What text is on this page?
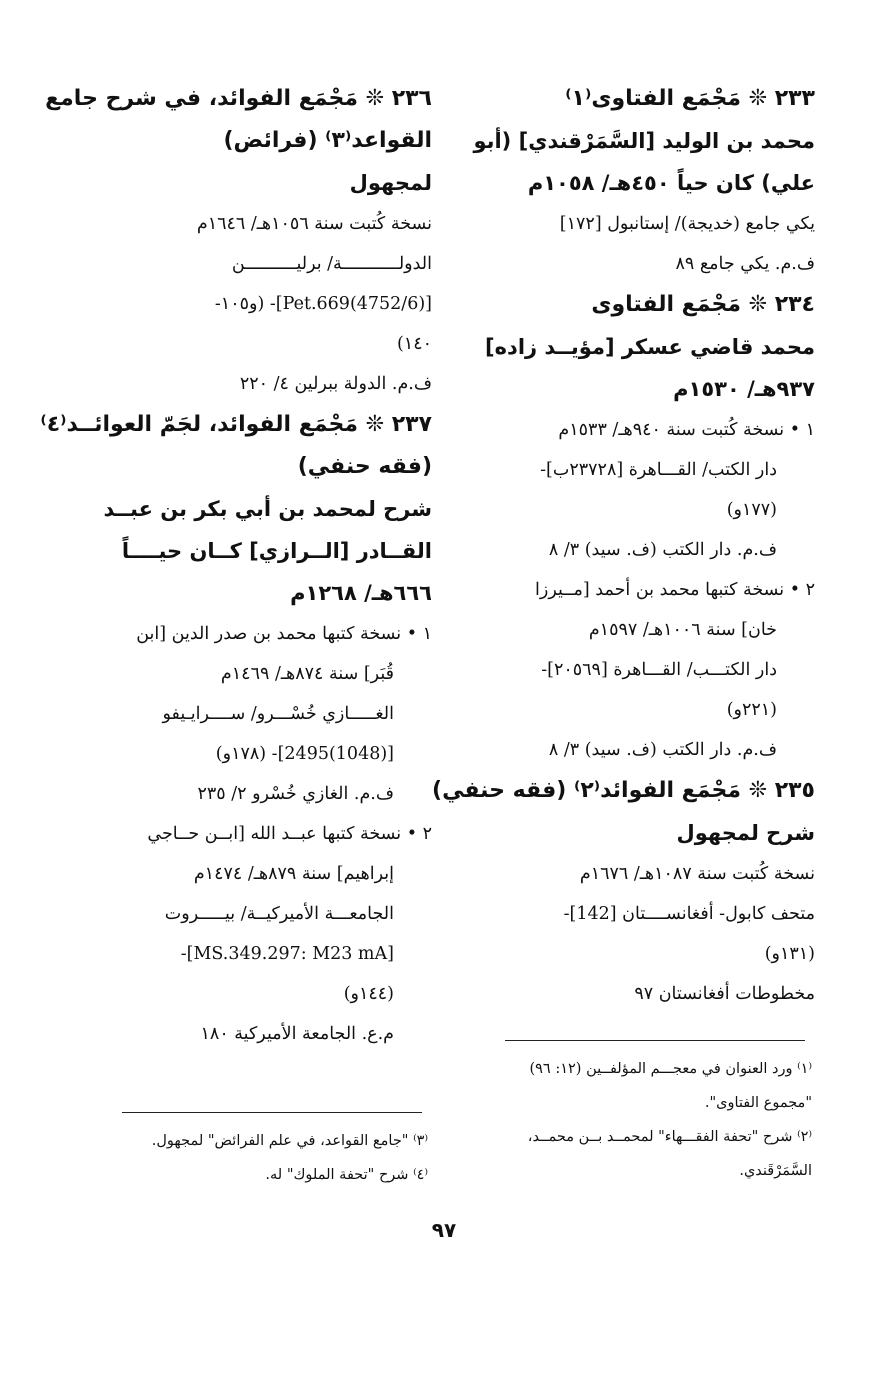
٢٣٣ ❊ مَجْمَع الفتاوى⁽١⁾
محمد بن الوليد [السَّمَرْقندي] (أبو
علي) كان حياً ٤٥٠هـ/ ١٠٥٨م
يكي جامع (خديجة)/ إستانبول [١٧٢]
ف.م. يكي جامع ٨٩
٢٣٤ ❊ مَجْمَع الفتاوى
محمد قاضي عسكر [مؤيــد زاده]
٩٣٧هـ/ ١٥٣٠م
١ • نسخة كُتبت سنة ٩٤٠هـ/ ١٥٣٣م
دار الكتب/ القـــاهرة [٢٣٧٢٨ب]-
(١٧٧و)
ف.م. دار الكتب (ف. سيد) ٣/ ٨
٢ • نسخة كتبها محمد بن أحمد [مــيرزا
خان] سنة ١٠٠٦هـ/ ١٥٩٧م
دار الكتـــب/ القـــاهرة [٢٠٥٦٩]-
(٢٢١و)
ف.م. دار الكتب (ف. سيد) ٣/ ٨
٢٣٥ ❊ مَجْمَع الفوائد⁽٢⁾ (فقه حنفي)
شرح لمجهول
نسخة كُتبت سنة ١٠٨٧هـ/ ١٦٧٦م
متحف كابول- أفغانســــتان [142]-
(١٣١و)
مخطوطات أفغانستان ٩٧
٢٣٦ ❊ مَجْمَع الفوائد، في شرح جامع
القواعد⁽٣⁾ (فرائض)
لمجهول
نسخة كُتبت سنة ١٠٥٦هـ/ ١٦٤٦م
الدولـــــــــــة/ برليــــــــــن
[(4752/6)Pet.669]- (و١٠٥-
١٤٠)
ف.م. الدولة ببرلين ٤/ ٢٢٠
٢٣٧ ❊ مَجْمَع الفوائد، لجَمّ العوائــد⁽٤⁾
(فقه حنفي)
شرح لمحمد بن أبي بكر بن عبــد
القــادر [الــرازي] كــان حيــــاً
٦٦٦هـ/ ١٢٦٨م
١ • نسخة كتبها محمد بن صدر الدين [ابن
قُبَر] سنة ٨٧٤هـ/ ١٤٦٩م
الغـــــازي خُسْـــرو/ ســــرايـيفو
[(1048)2495]- (١٧٨و)
ف.م. الغازي خُسْرو ٢/ ٢٣٥
٢ • نسخة كتبها عبــد الله [ابــن حــاجي
إبراهيم] سنة ٨٧٩هـ/ ١٤٧٤م
الجامعـــة الأميركيــة/ بيـــــروت
[MS.349.297: M23 mA]-
(١٤٤و)
م.ع. الجامعة الأميركية ١٨٠
⁽١⁾ ورد العنوان في معجـــم المؤلفــين (١٢: ٩٦)
"مجموع الفتاوى".
⁽٢⁾ شرح "تحفة الفقـــهاء" لمحمــد بــن محمــد،
السَّمَرْقَندي.
⁽٣⁾ "جامع القواعد، في علم الفرائض" لمجهول.
⁽٤⁾ شرح "تحفة الملوك" له.
٩٧
